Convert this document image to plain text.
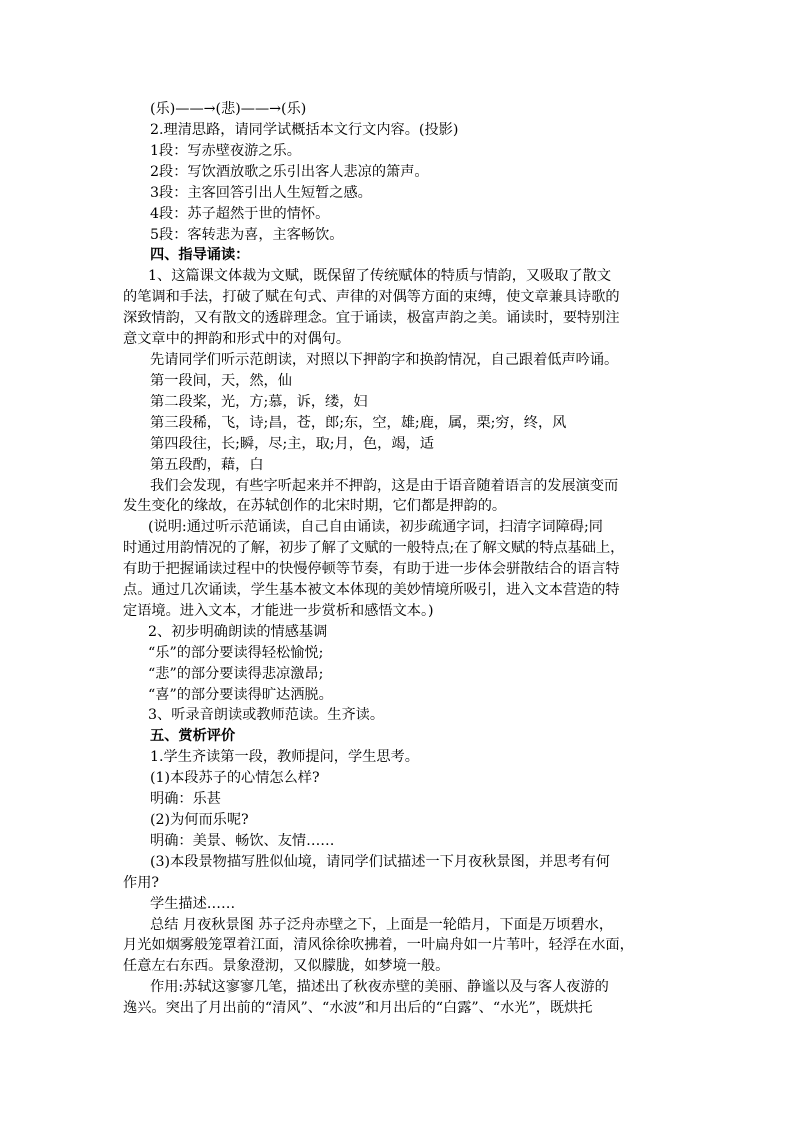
(乐)——→(悲)——→(乐)
2.理清思路，请同学试概括本文行文内容。(投影)
1段：写赤壁夜游之乐。
2段：写饮酒放歌之乐引出客人悲凉的箫声。
3段：主客回答引出人生短暂之感。
4段：苏子超然于世的情怀。
5段：客转悲为喜，主客畅饮。
四、指导诵读：
1、这篇课文体裁为文赋，既保留了传统赋体的特质与情韵，又吸取了散文
的笔调和手法，打破了赋在句式、声律的对偶等方面的束缚，使文章兼具诗歌的
深致情韵，又有散文的透辟理念。宜于诵读，极富声韵之美。诵读时，要特别注
意文章中的押韵和形式中的对偶句。
先请同学们听示范朗读，对照以下押韵字和换韵情况，自己跟着低声吟诵。
第一段间，天，然，仙
第二段桨，光，方;慕，诉，缕，妇
第三段稀，飞，诗;昌，苍，郎;东，空，雄;鹿，属，栗;穷，终，风
第四段往，长;瞬，尽;主，取;月，色，竭，适
第五段酌，藉，白
我们会发现，有些字听起来并不押韵，这是由于语音随着语言的发展演变而
发生变化的缘故，在苏轼创作的北宋时期，它们都是押韵的。
(说明:通过听示范诵读，自己自由诵读，初步疏通字词，扫清字词障碍;同
时通过用韵情况的了解，初步了解了文赋的一般特点;在了解文赋的特点基础上，
有助于把握诵读过程中的快慢停顿等节奏，有助于进一步体会骈散结合的语言特
点。通过几次诵读，学生基本被文本体现的美妙情境所吸引，进入文本营造的特
定语境。进入文本，才能进一步赏析和感悟文本。)
2、初步明确朗读的情感基调
“乐”的部分要读得轻松愉悦;
“悲”的部分要读得悲凉激昂;
“喜”的部分要读得旷达洒脱。
3、听录音朗读或教师范读。生齐读。
五、赏析评价
1.学生齐读第一段，教师提问，学生思考。
(1)本段苏子的心情怎么样?
明确：乐甚
(2)为何而乐呢?
明确：美景、畅饮、友情……
(3)本段景物描写胜似仙境，请同学们试描述一下月夜秋景图，并思考有何
作用?
学生描述……
总结 月夜秋景图 苏子泛舟赤壁之下，上面是一轮皓月，下面是万顷碧水，
月光如烟雾般笼罩着江面，清风徐徐吹拂着，一叶扁舟如一片苇叶，轻浮在水面，
任意左右东西。景象澄沏，又似朦胧，如梦境一般。
作用:苏轼这寥寥几笔，描述出了秋夜赤壁的美丽、静谧以及与客人夜游的
逸兴。突出了月出前的“清风”、“水波”和月出后的“白露”、“水光”，既烘托
